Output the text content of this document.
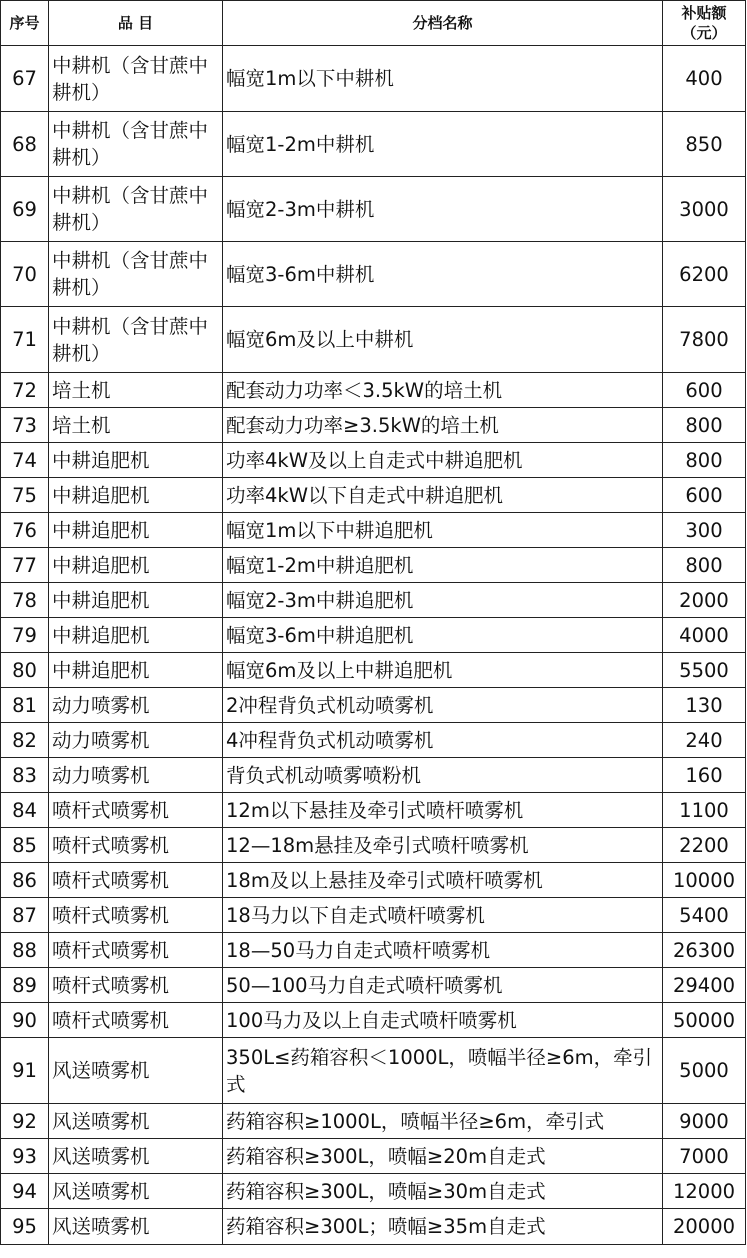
序号	品 目	分档名称	补贴额
（元）
67	中耕机（含甘蔗中耕机）	幅宽1m以下中耕机	400
68	中耕机（含甘蔗中耕机）	幅宽1-2m中耕机	850
69	中耕机（含甘蔗中耕机）	幅宽2-3m中耕机	3000
70	中耕机（含甘蔗中耕机）	幅宽3-6m中耕机	6200
71	中耕机（含甘蔗中耕机）	幅宽6m及以上中耕机	7800
72	培土机	配套动力功率＜3.5kW的培土机	600
73	培土机	配套动力功率≥3.5kW的培土机	800
74	中耕追肥机	功率4kW及以上自走式中耕追肥机	800
75	中耕追肥机	功率4kW以下自走式中耕追肥机	600
76	中耕追肥机	幅宽1m以下中耕追肥机	300
77	中耕追肥机	幅宽1-2m中耕追肥机	800
78	中耕追肥机	幅宽2-3m中耕追肥机	2000
79	中耕追肥机	幅宽3-6m中耕追肥机	4000
80	中耕追肥机	幅宽6m及以上中耕追肥机	5500
81	动力喷雾机	2冲程背负式机动喷雾机	130
82	动力喷雾机	4冲程背负式机动喷雾机	240
83	动力喷雾机	背负式机动喷雾喷粉机	160
84	喷杆式喷雾机	12m以下悬挂及牵引式喷杆喷雾机	1100
85	喷杆式喷雾机	12—18m悬挂及牵引式喷杆喷雾机	2200
86	喷杆式喷雾机	18m及以上悬挂及牵引式喷杆喷雾机	10000
87	喷杆式喷雾机	18马力以下自走式喷杆喷雾机	5400
88	喷杆式喷雾机	18—50马力自走式喷杆喷雾机	26300
89	喷杆式喷雾机	50—100马力自走式喷杆喷雾机	29400
90	喷杆式喷雾机	100马力及以上自走式喷杆喷雾机	50000
91	风送喷雾机	350L≤药箱容积＜1000L，喷幅半径≥6m，牵引式	5000
92	风送喷雾机	药箱容积≥1000L，喷幅半径≥6m，牵引式	9000
93	风送喷雾机	药箱容积≥300L，喷幅≥20m自走式	7000
94	风送喷雾机	药箱容积≥300L，喷幅≥30m自走式	12000
95	风送喷雾机	药箱容积≥300L；喷幅≥35m自走式	20000
